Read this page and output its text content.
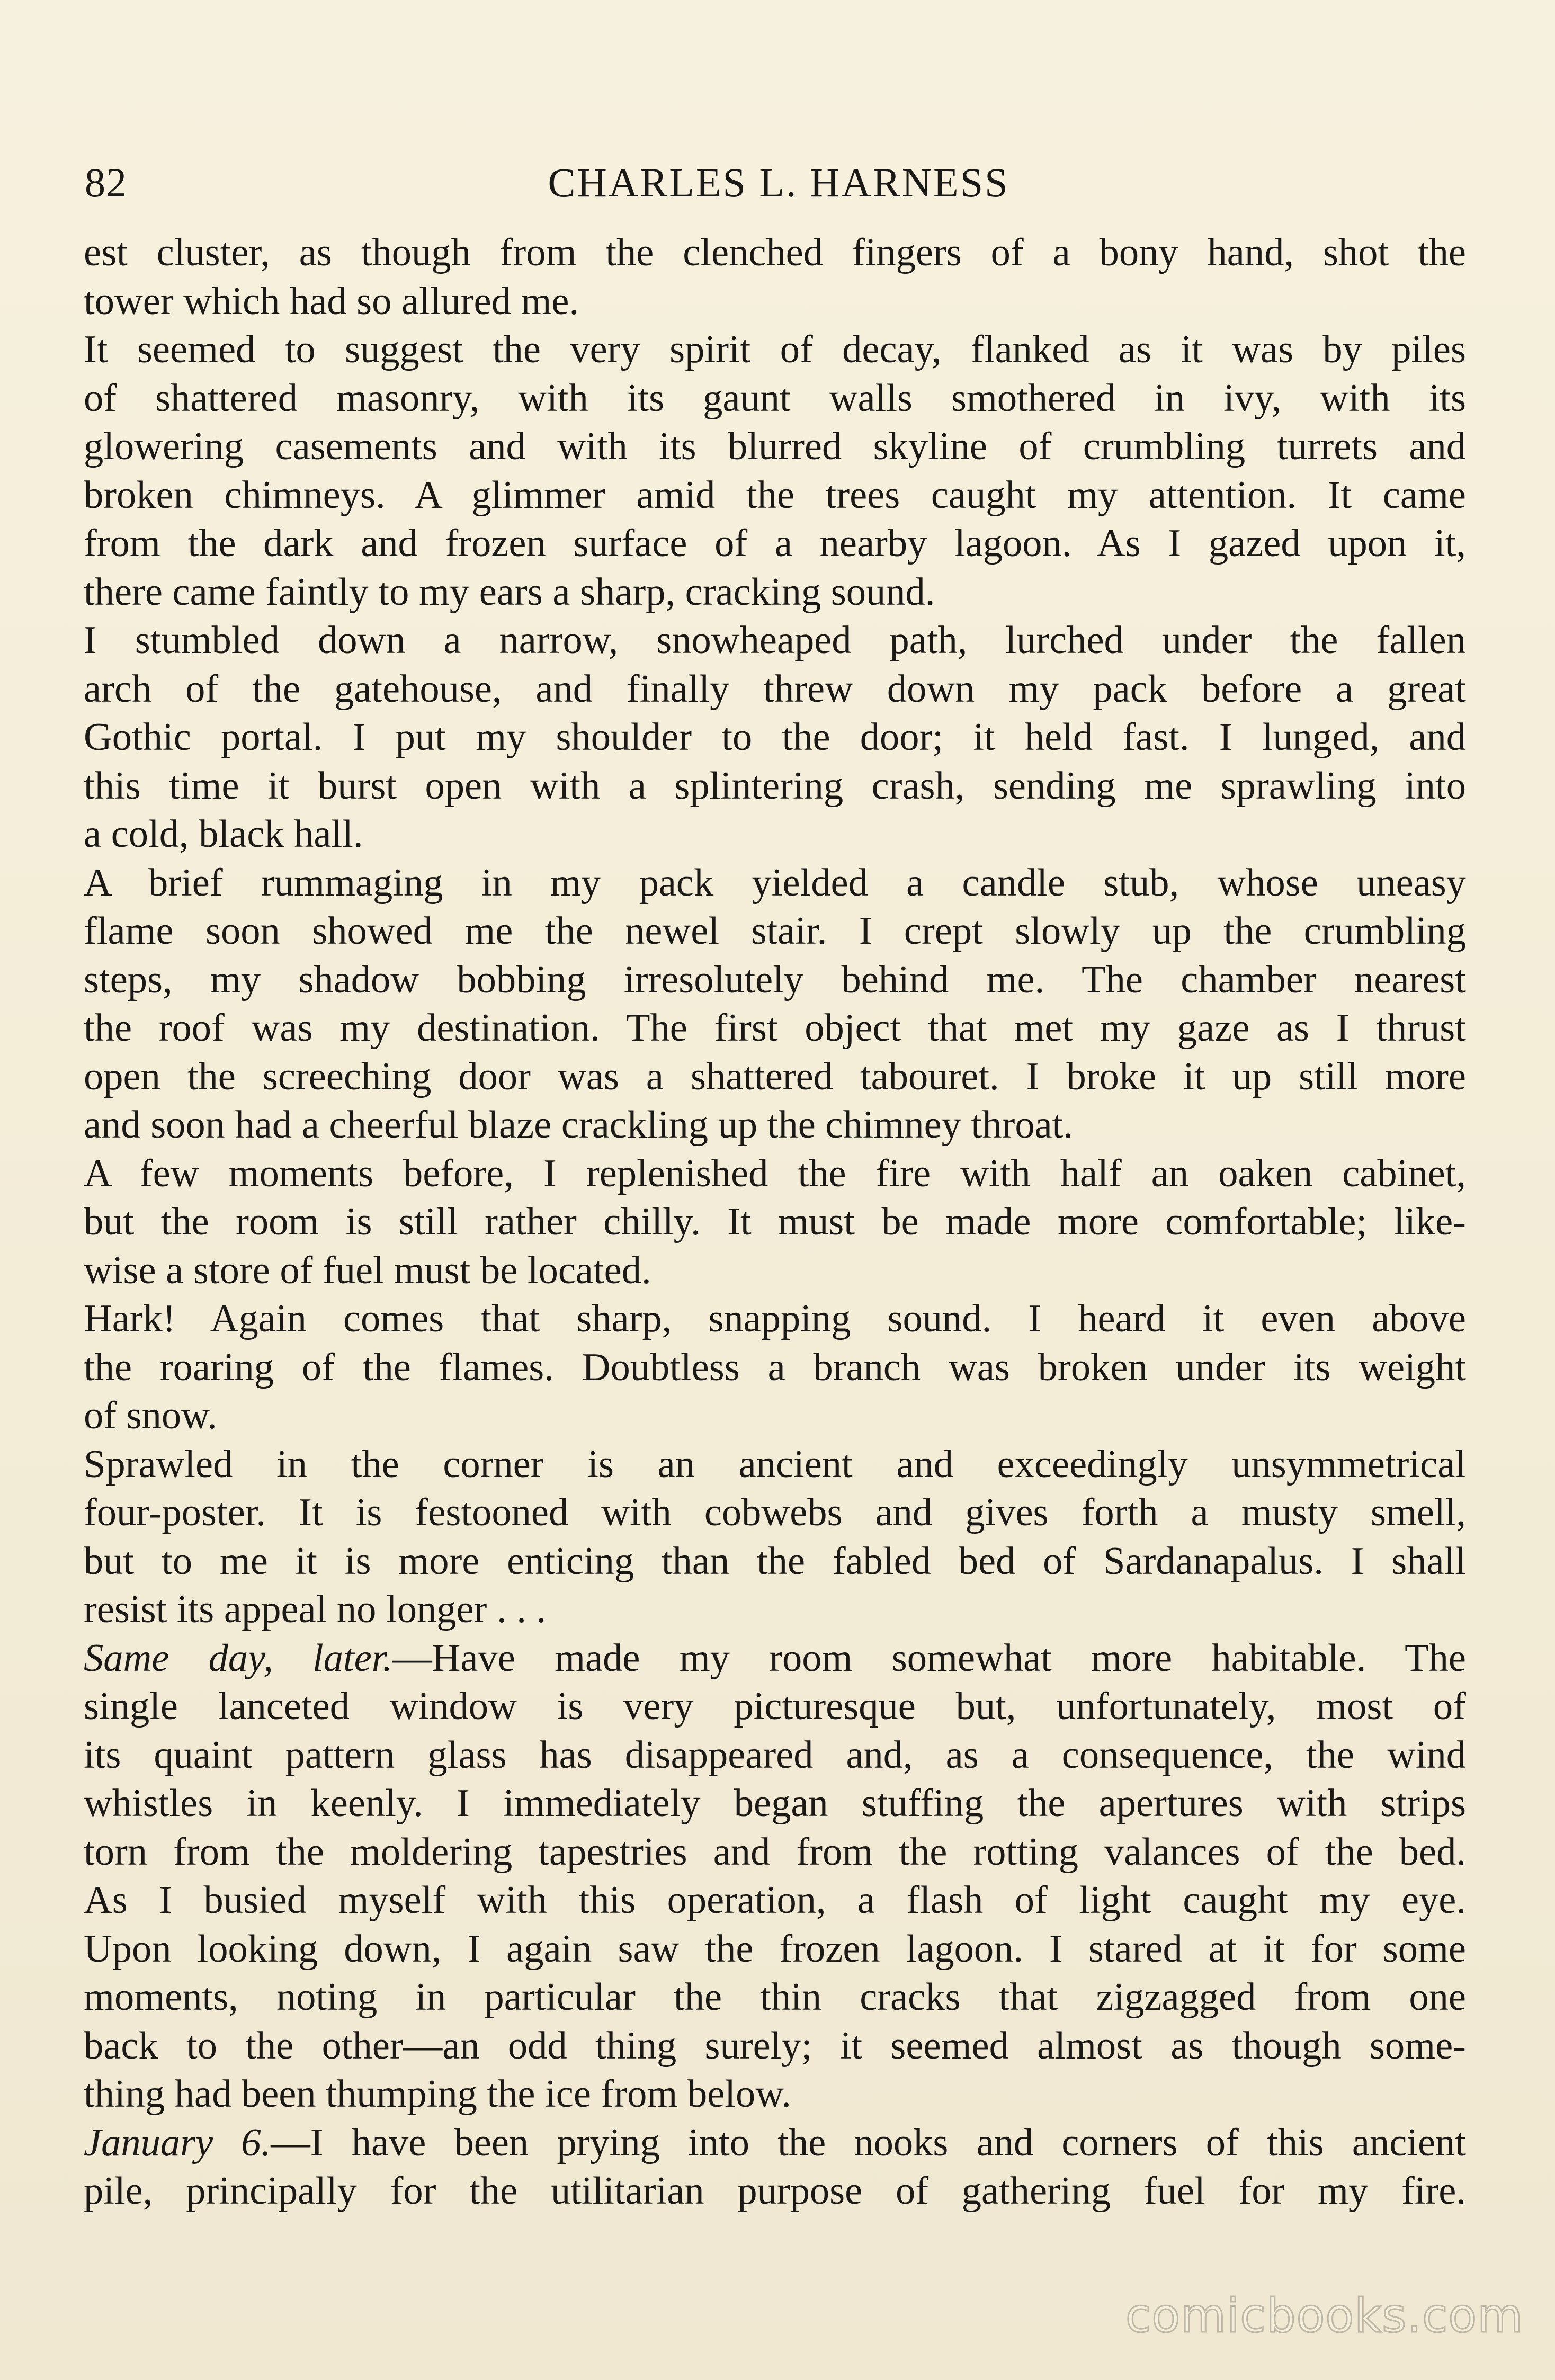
82	CHARLES L. HARNESS
est cluster, as though from the clenched fingers of a bony hand, shot the
tower which had so allured me.
It seemed to suggest the very spirit of decay, flanked as it was by piles
of shattered masonry, with its gaunt walls smothered in ivy, with its
glowering casements and with its blurred skyline of crumbling turrets and
broken chimneys. A glimmer amid the trees caught my attention. It came
from the dark and frozen surface of a nearby lagoon. As I gazed upon it,
there came faintly to my ears a sharp, cracking sound.
I stumbled down a narrow, snowheaped path, lurched under the fallen
arch of the gatehouse, and finally threw down my pack before a great
Gothic portal. I put my shoulder to the door; it held fast. I lunged, and
this time it burst open with a splintering crash, sending me sprawling into
a cold, black hall.
A brief rummaging in my pack yielded a candle stub, whose uneasy
flame soon showed me the newel stair. I crept slowly up the crumbling
steps, my shadow bobbing irresolutely behind me. The chamber nearest
the roof was my destination. The first object that met my gaze as I thrust
open the screeching door was a shattered tabouret. I broke it up still more
and soon had a cheerful blaze crackling up the chimney throat.
A few moments before, I replenished the fire with half an oaken cabinet,
but the room is still rather chilly. It must be made more comfortable; like-
wise a store of fuel must be located.
Hark! Again comes that sharp, snapping sound. I heard it even above
the roaring of the flames. Doubtless a branch was broken under its weight
of snow.
Sprawled in the corner is an ancient and exceedingly unsymmetrical
four-poster. It is festooned with cobwebs and gives forth a musty smell,
but to me it is more enticing than the fabled bed of Sardanapalus. I shall
resist its appeal no longer . . .
Same day, later.—Have made my room somewhat more habitable. The
single lanceted window is very picturesque but, unfortunately, most of
its quaint pattern glass has disappeared and, as a consequence, the wind
whistles in keenly. I immediately began stuffing the apertures with strips
torn from the moldering tapestries and from the rotting valances of the bed.
As I busied myself with this operation, a flash of light caught my eye.
Upon looking down, I again saw the frozen lagoon. I stared at it for some
moments, noting in particular the thin cracks that zigzagged from one
back to the other—an odd thing surely; it seemed almost as though some-
thing had been thumping the ice from below.
January 6.—I have been prying into the nooks and corners of this ancient
pile, principally for the utilitarian purpose of gathering fuel for my fire.
comicbooks.com
